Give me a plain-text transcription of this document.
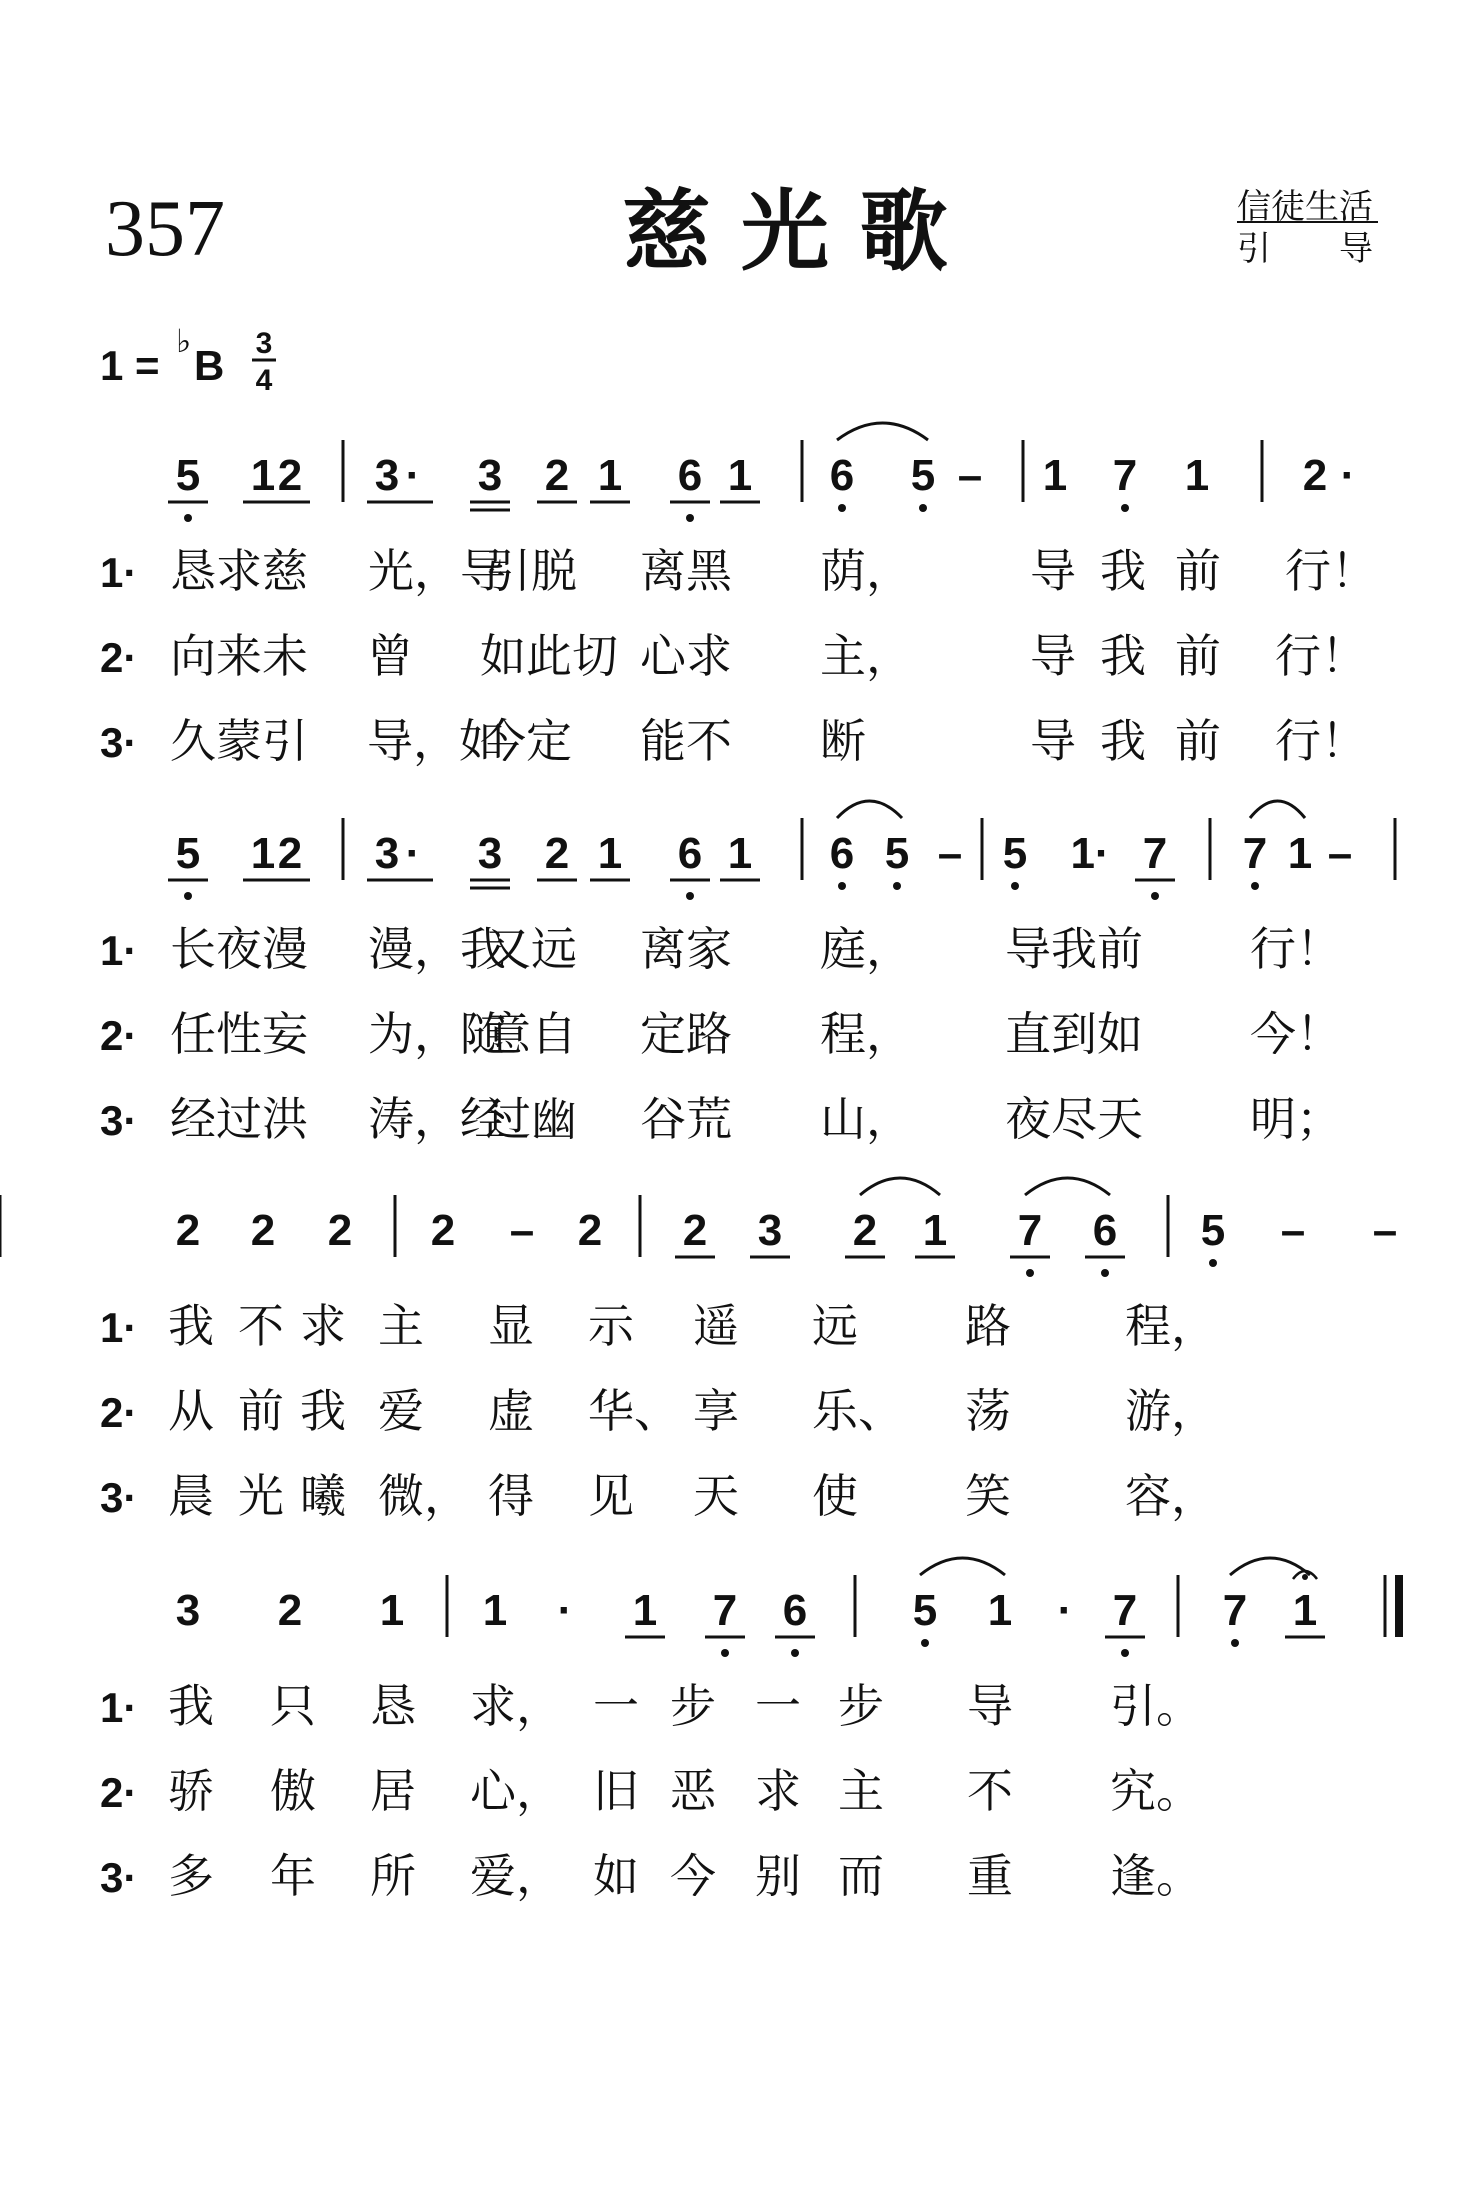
357	慈 光 歌	信徒生活
引　　导
1 =
♭
B 3
4
5 1 2 3 · 3 2 1 6 1 6 5 – 1 7 1 2 ·
1· 恳求慈 光，导
引脱 离黑 荫，	导 我 前 行！
2· 向来未 曾 如此切 心求 主，	导 我 前 行！
3· 久蒙引 导，如
今定 能不 断	导 我 前 行！
5 1 2 3 · 3 2 1 6 1 6 5 – 5 1· 7 7 1 –
1· 长夜漫 漫，我
又远 离家 庭， 导我前 行！
2· 任性妄 为，随
意自 定路 程， 直到如 今！
3· 经过洪 涛，经
过幽 谷荒 山， 夜尽天 明；
2 2 2 2 – 2 2 3 2 1 7 6 5 – –
1· 我 不 求 主 显 示 遥 远 路 程，
2· 从 前 我 爱 虚 华、 享 乐、 荡 游，
3· 晨 光 曦 微， 得 见 天 使 笑 容，
3 2 1 1 · 1 7 6 5 1 · 7 7 1
1· 我 只 恳 求， 一 步 一 步 导 引。
2· 骄 傲 居 心， 旧 恶 求 主 不 究。
3· 多 年 所 爱， 如 今 别 而 重 逢。
